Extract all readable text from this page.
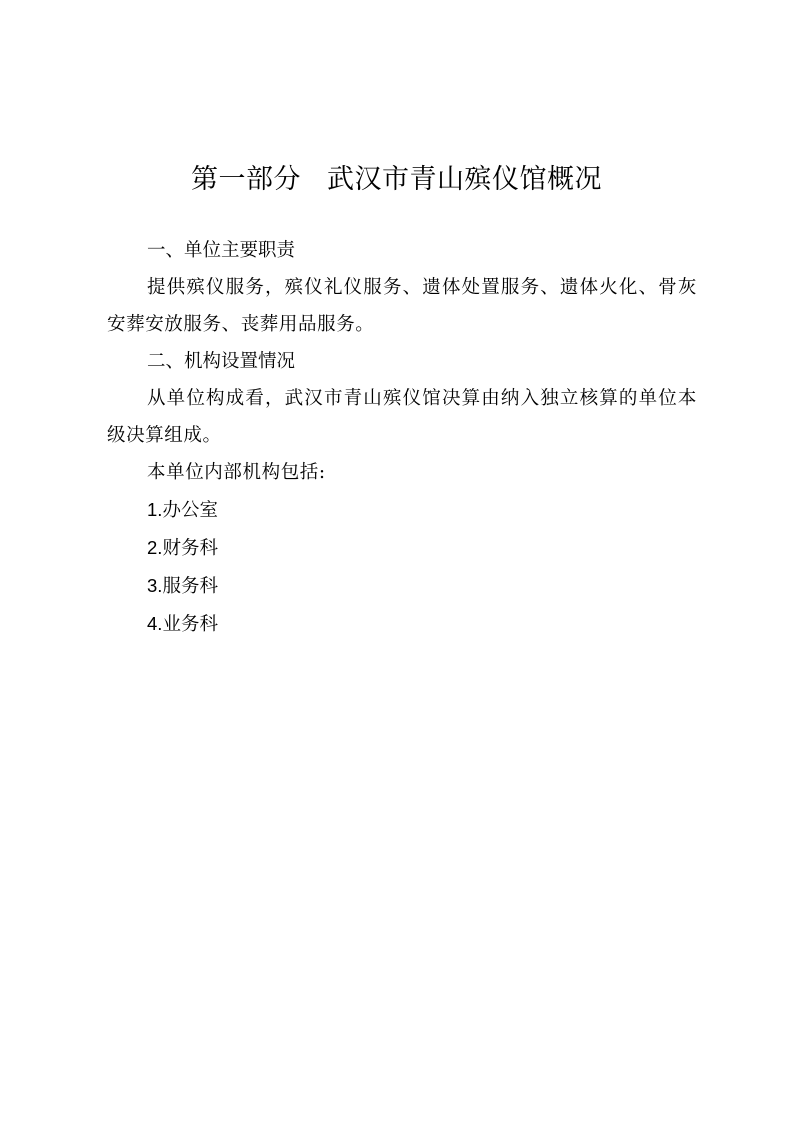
第一部分 武汉市青山殡仪馆概况
一、单位主要职责
提供殡仪服务，殡仪礼仪服务、遗体处置服务、遗体火化、骨灰安葬安放服务、丧葬用品服务。
二、机构设置情况
从单位构成看，武汉市青山殡仪馆决算由纳入独立核算的单位本级决算组成。
本单位内部机构包括:
1.办公室
2.财务科
3.服务科
4.业务科
